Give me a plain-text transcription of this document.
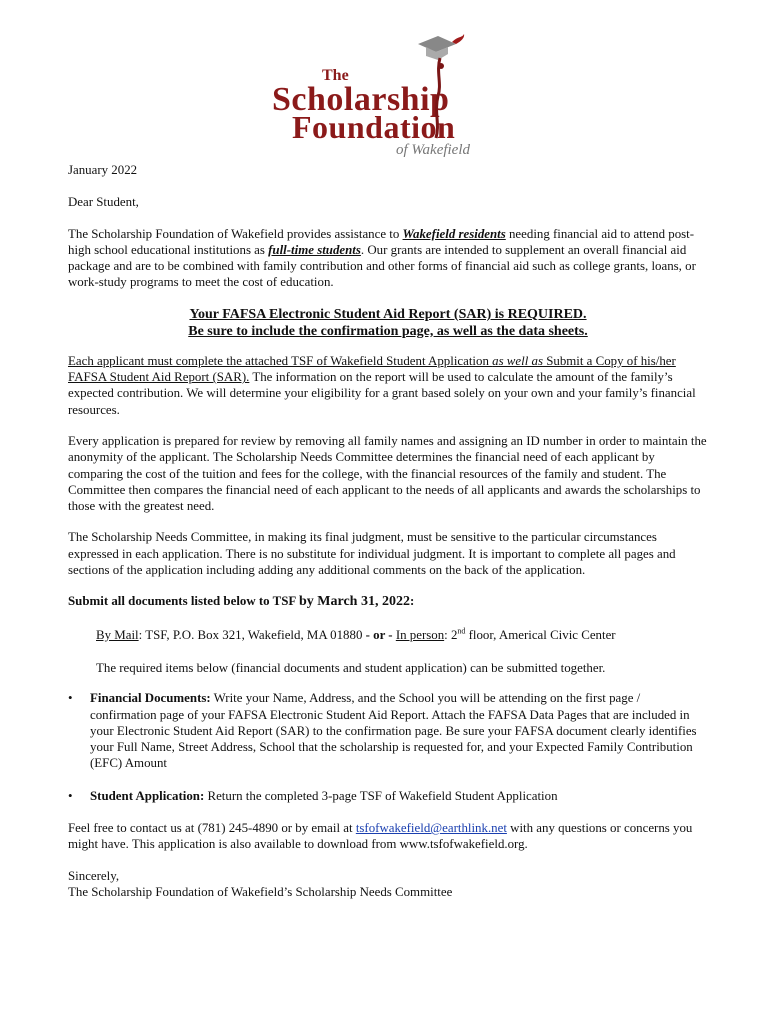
The
Scholarship
Foundation
of Wakefield

January 2022

Dear Student,

The Scholarship Foundation of Wakefield provides assistance to Wakefield residents needing financial aid to attend post-high school educational institutions as full-time students. Our grants are intended to supplement an overall financial aid package and are to be combined with family contribution and other forms of financial aid such as college grants, loans, or work-study programs to meet the cost of education.

Your FAFSA Electronic Student Aid Report (SAR) is REQUIRED.
Be sure to include the confirmation page, as well as the data sheets.

Each applicant must complete the attached TSF of Wakefield Student Application as well as Submit a Copy of his/her FAFSA Student Aid Report (SAR). The information on the report will be used to calculate the amount of the family’s expected contribution. We will determine your eligibility for a grant based solely on your own and your family’s financial resources.

Every application is prepared for review by removing all family names and assigning an ID number in order to maintain the anonymity of the applicant. The Scholarship Needs Committee determines the financial need of each applicant by comparing the cost of the tuition and fees for the college, with the financial resources of the family and student. The Committee then compares the financial need of each applicant to the needs of all applicants and awards the scholarships to those with the greatest need.

The Scholarship Needs Committee, in making its final judgment, must be sensitive to the particular circumstances expressed in each application. There is no substitute for individual judgment. It is important to complete all pages and sections of the application including adding any additional comments on the back of the application.

Submit all documents listed below to TSF by March 31, 2022:

By Mail: TSF, P.O. Box 321, Wakefield, MA 01880 - or - In person: 2nd floor, Americal Civic Center

The required items below (financial documents and student application) can be submitted together.

• Financial Documents: Write your Name, Address, and the School you will be attending on the first page / confirmation page of your FAFSA Electronic Student Aid Report. Attach the FAFSA Data Pages that are included in your Electronic Student Aid Report (SAR) to the confirmation page. Be sure your FAFSA document clearly identifies your Full Name, Street Address, School that the scholarship is requested for, and your Expected Family Contribution (EFC) Amount
• Student Application: Return the completed 3-page TSF of Wakefield Student Application

Feel free to contact us at (781) 245-4890 or by email at tsfofwakefield@earthlink.net with any questions or concerns you might have. This application is also available to download from www.tsfofwakefield.org.

Sincerely,

The Scholarship Foundation of Wakefield’s Scholarship Needs Committee
